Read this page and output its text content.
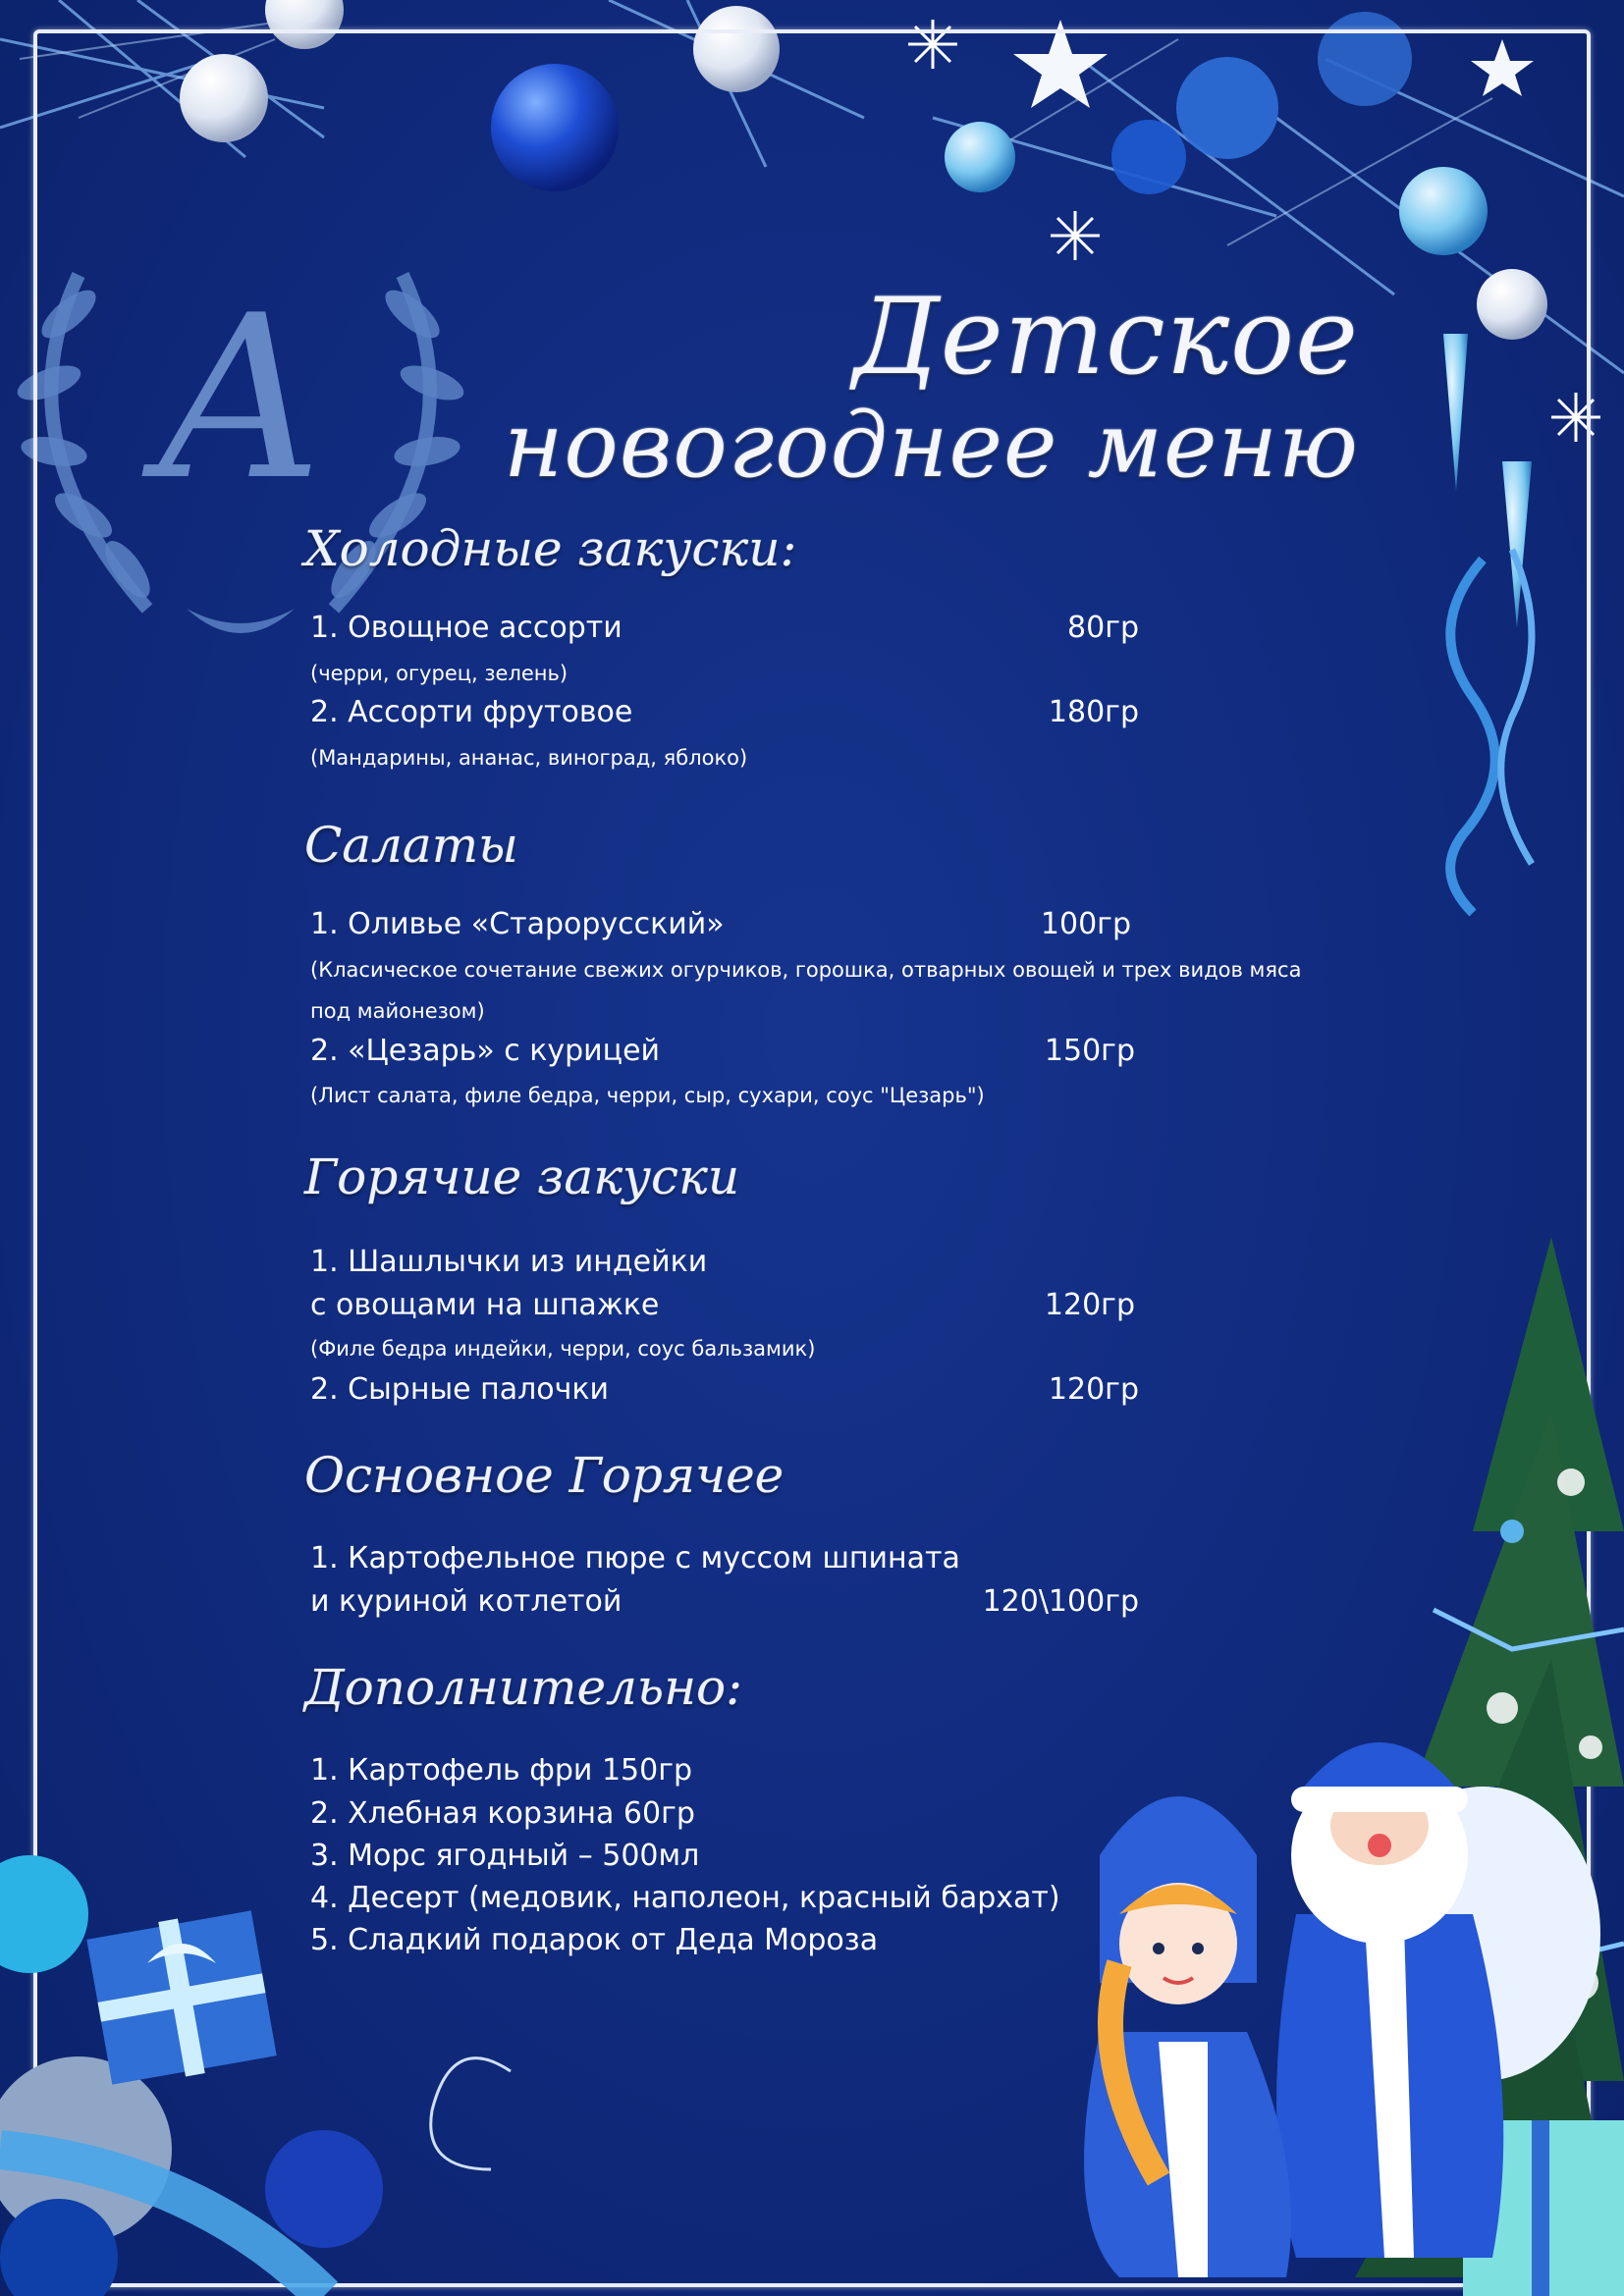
А	Детское
новогоднее меню
Холодные закуски:
1. Овощное ассорти	80гр
(черри, огурец, зелень)
2. Ассорти фрутовое	180гр
(Мандарины, ананас, виноград, яблоко)
Салаты
1. Оливье «Старорусский»	100гр
(Класическое сочетание свежих огурчиков, горошка, отварных овощей и трех видов мяса
под майонезом)
2. «Цезарь» с курицей	150гр
(Лист салата, филе бедра, черри, сыр, сухари, соус "Цезарь")
Горячие закуски
1. Шашлычки из индейки
с овощами на шпажке	120гр
(Филе бедра индейки, черри, соус бальзамик)
2. Сырные палочки	120гр
Основное Горячее
1. Картофельное пюре с муссом шпината
и куриной котлетой	120\100гр
Дополнительно:
1. Картофель фри 150гр
2. Хлебная корзина 60гр
3. Морс ягодный – 500мл
4. Десерт (медовик, наполеон, красный бархат)
5. Сладкий подарок от Деда Мороза
